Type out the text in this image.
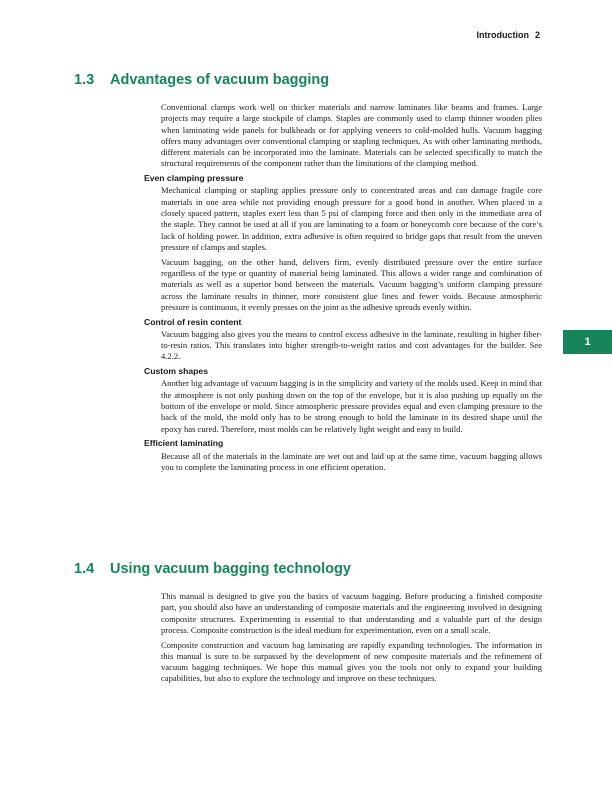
Introduction 2
1.3 Advantages of vacuum bagging

Conventional clamps work well on thicker materials and narrow laminates like beams and frames. Large projects may require a large stockpile of clamps. Staples are commonly used to clamp thinner wooden plies when laminating wide panels for bulkheads or for applying veneers to cold-molded hulls. Vacuum bagging offers many advantages over conventional clamping or stapling techniques. As with other laminating methods, different materials can be incorporated into the laminate. Materials can be selected specifically to match the structural requirements of the component rather than the limitations of the clamping method.

Even clamping pressure

Mechanical clamping or stapling applies pressure only to concentrated areas and can damage fragile core materials in one area while not providing enough pressure for a good bond in another. When placed in a closely spaced pattern, staples exert less than 5 psi of clamping force and then only in the immediate area of the staple. They cannot be used at all if you are laminating to a foam or honeycomb core because of the core’s lack of holding power. In addition, extra adhesive is often required to bridge gaps that result from the uneven pressure of clamps and staples.

Vacuum bagging, on the other hand, delivers firm, evenly distributed pressure over the entire surface regardless of the type or quantity of material being laminated. This allows a wider range and combination of materials as well as a superior bond between the materials. Vacuum bagging’s uniform clamping pressure across the laminate results in thinner, more consistent glue lines and fewer voids. Because atmospheric pressure is continuous, it evenly presses on the joint as the adhesive spreads evenly within.

Control of resin content

Vacuum bagging also gives you the means to control excess adhesive in the laminate, resulting in higher fiber-to-resin ratios. This translates into higher strength-to-weight ratios and cost advantages for the builder. See 4.2.2.

Custom shapes

Another big advantage of vacuum bagging is in the simplicity and variety of the molds used. Keep in mind that the atmosphere is not only pushing down on the top of the envelope, but it is also pushing up equally on the bottom of the envelope or mold. Since atmospheric pressure provides equal and even clamping pressure to the back of the mold, the mold only has to be strong enough to hold the laminate in its desired shape until the epoxy has cured. Therefore, most molds can be relatively light weight and easy to build.

Efficient laminating

Because all of the materials in the laminate are wet out and laid up at the same time, vacuum bagging allows you to complete the laminating process in one efficient operation.

1.4 Using vacuum bagging technology

This manual is designed to give you the basics of vacuum bagging. Before producing a finished composite part, you should also have an understanding of composite materials and the engineering involved in designing composite structures. Experimenting is essential to that understanding and a valuable part of the design process. Composite construction is the ideal medium for experimentation, even on a small scale.

Composite construction and vacuum bag laminating are rapidly expanding technologies. The information in this manual is sure to be surpassed by the development of new composite materials and the refinement of vacuum bagging techniques. We hope this manual gives you the tools not only to expand your building capabilities, but also to explore the technology and improve on these techniques.

1
